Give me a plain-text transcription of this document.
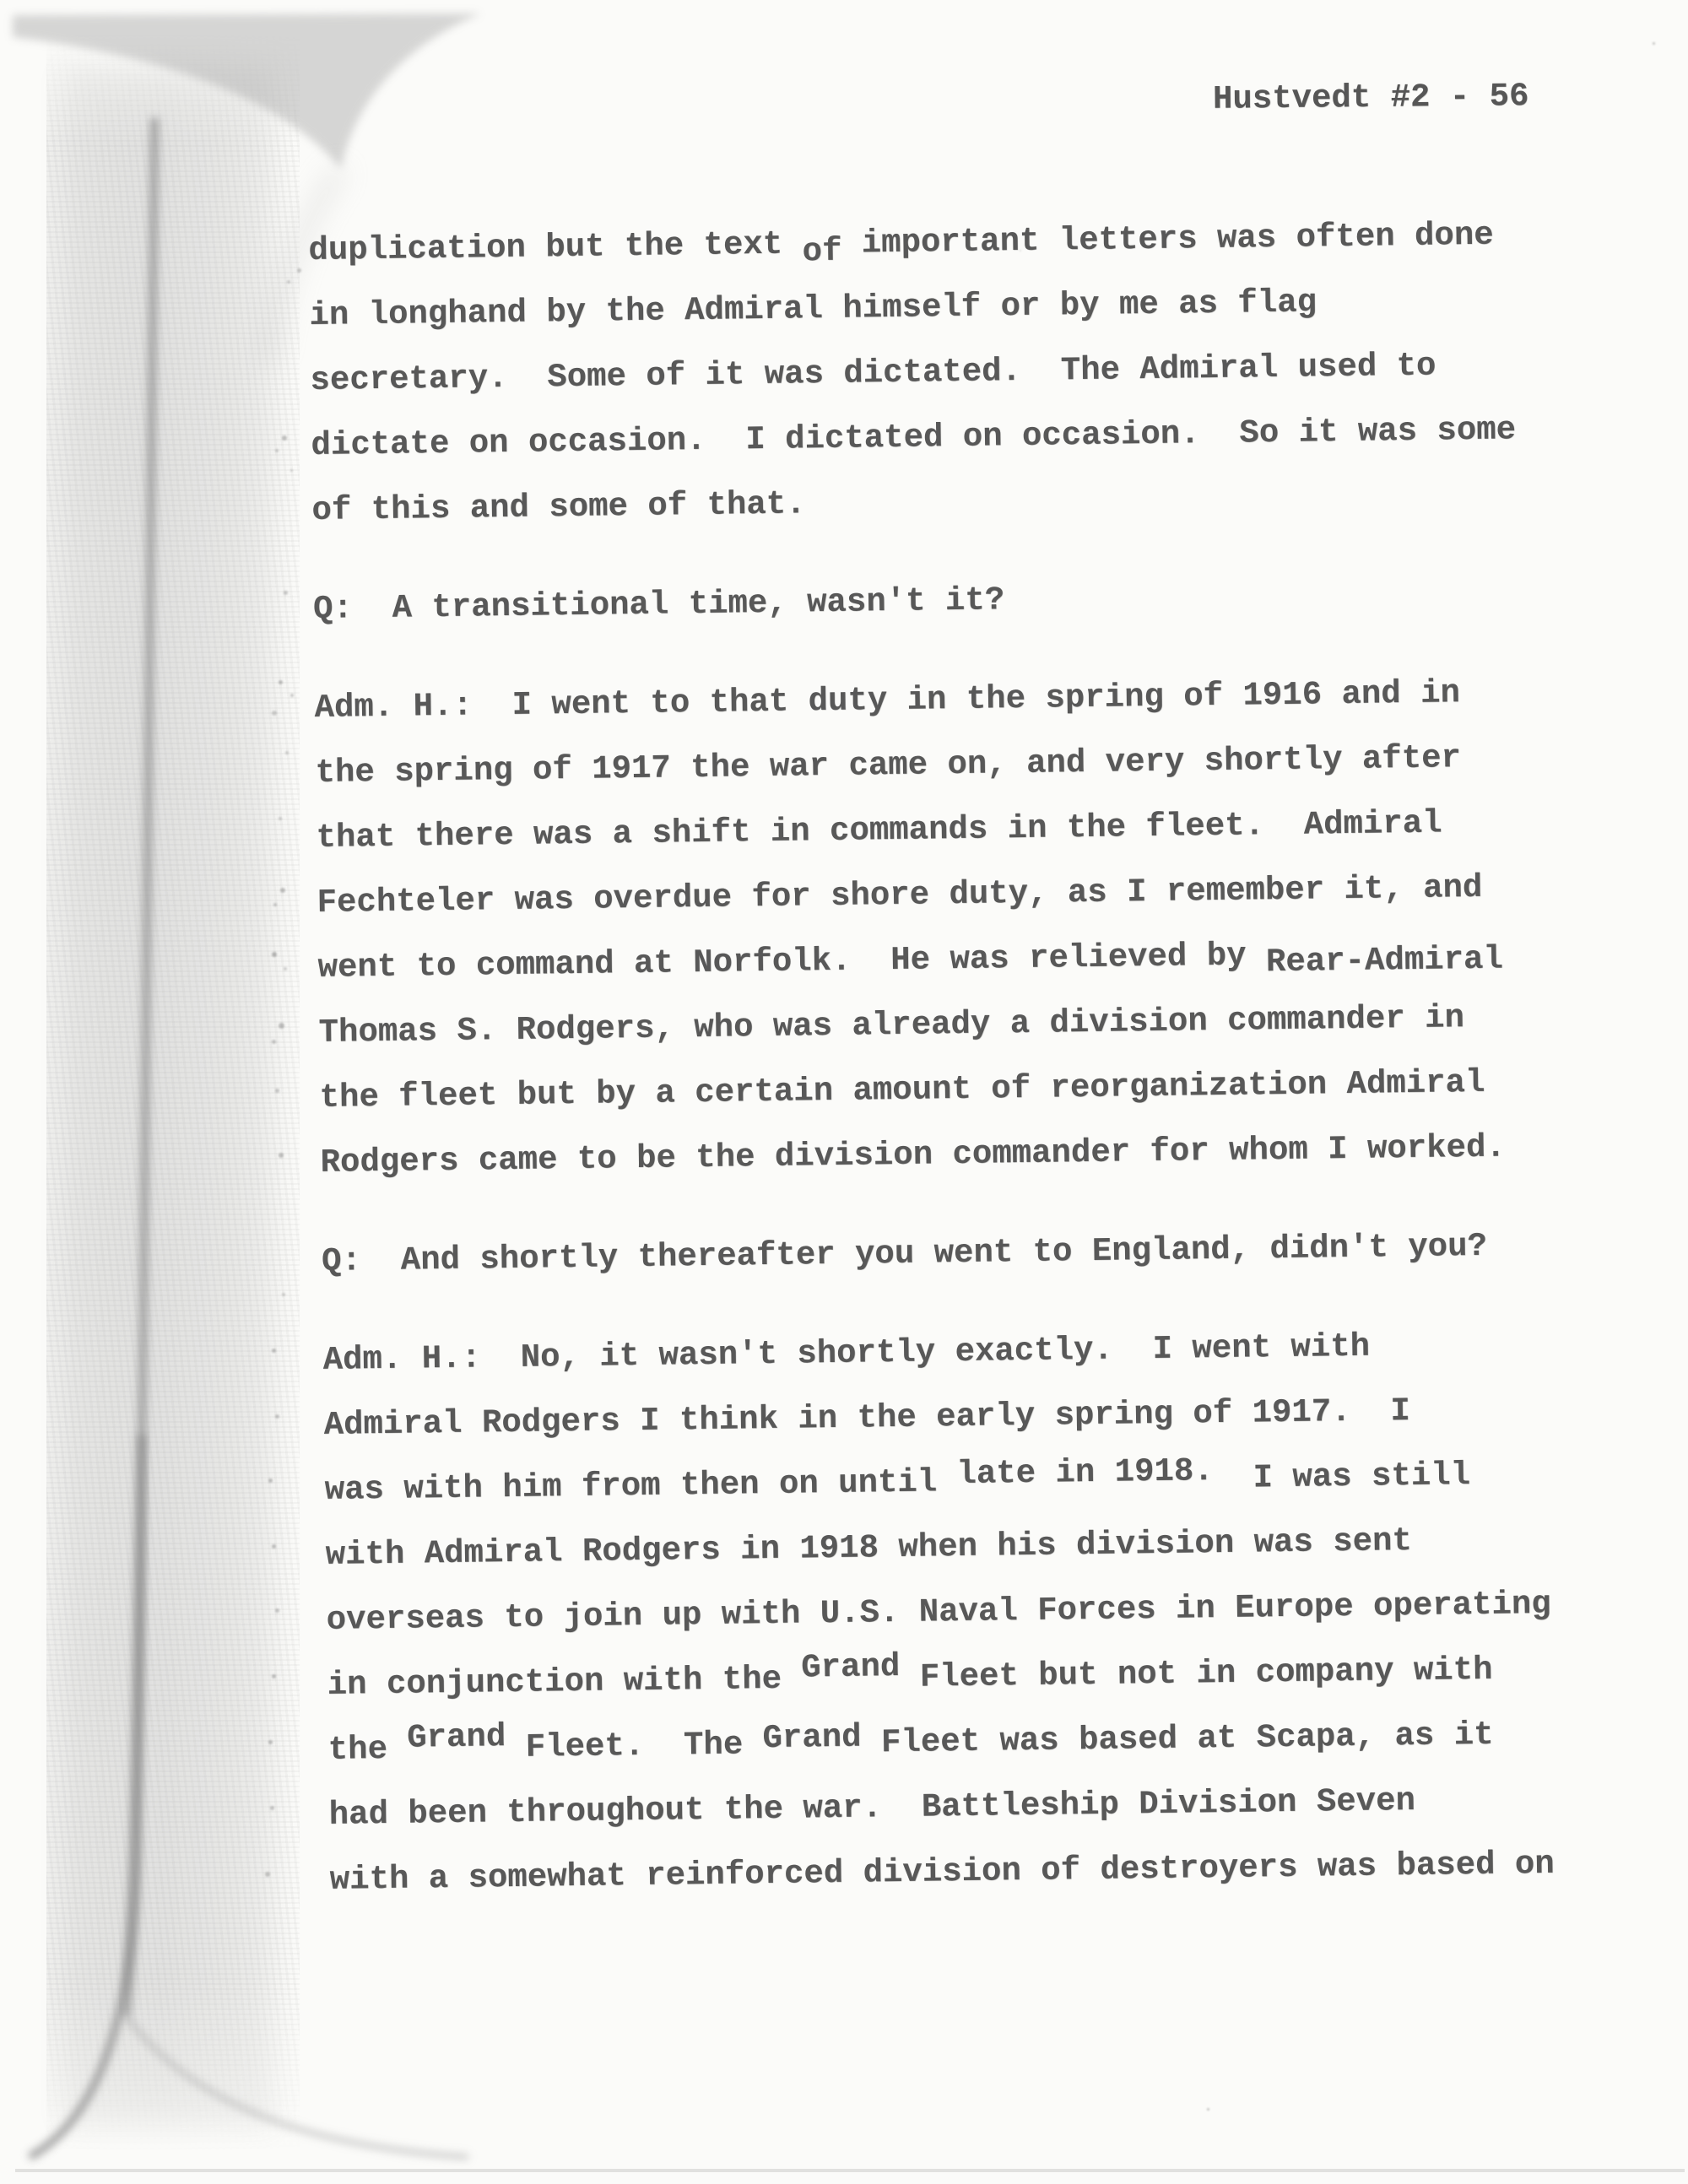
Hustvedt #2 - 56
duplication but the text of important letters was often done
in longhand by the Admiral himself or by me as flag
secretary.  Some of it was dictated.  The Admiral used to
dictate on occasion.  I dictated on occasion.  So it was some
of this and some of that.
Q:  A transitional time, wasn't it?
Adm. H.:  I went to that duty in the spring of 1916 and in
the spring of 1917 the war came on, and very shortly after
that there was a shift in commands in the fleet.  Admiral
Fechteler was overdue for shore duty, as I remember it, and
went to command at Norfolk.  He was relieved by Rear-Admiral
Thomas S. Rodgers, who was already a division commander in
the fleet but by a certain amount of reorganization Admiral
Rodgers came to be the division commander for whom I worked.
Q:  And shortly thereafter you went to England, didn't you?
Adm. H.:  No, it wasn't shortly exactly.  I went with
Admiral Rodgers I think in the early spring of 1917.  I
was with him from then on until late in 1918.  I was still
with Admiral Rodgers in 1918 when his division was sent
overseas to join up with U.S. Naval Forces in Europe operating
in conjunction with the Grand Fleet but not in company with
the Grand Fleet.  The Grand Fleet was based at Scapa, as it
had been throughout the war.  Battleship Division Seven
with a somewhat reinforced division of destroyers was based on
